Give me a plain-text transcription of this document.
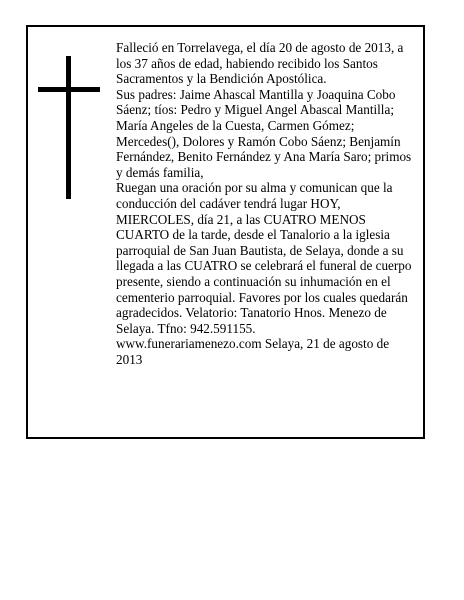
Falleció en Torrelavega, el día 20 de agosto de 2013, a los 37 años de edad, habiendo recibido los Santos Sacramentos y la Bendición Apostólica.

Sus padres: Jaime Ahascal Mantilla y Joaquina Cobo Sáenz; tíos: Pedro y Miguel Angel Abascal Mantilla; María Angeles de la Cuesta, Carmen Gómez; Mercedes(), Dolores y Ramón Cobo Sáenz; Benjamín Fernández, Benito Fernández y Ana María Saro; primos y demás familia,

Ruegan una oración por su alma y comunican que la conducción del cadáver tendrá lugar HOY, MIERCOLES, día 21, a las CUATRO MENOS CUARTO de la tarde, desde el Tanalorio a la iglesia parroquial de San Juan Bautista, de Selaya, donde a su llegada a las CUATRO se celebrará el funeral de cuerpo presente, siendo a continuación su inhumación en el cementerio parroquial. Favores por los cuales quedarán agradecidos. Velatorio: Tanatorio Hnos. Menezo de Selaya. Tfno: 942.591155.

www.funerariamenezo.com Selaya, 21 de agosto de 2013
